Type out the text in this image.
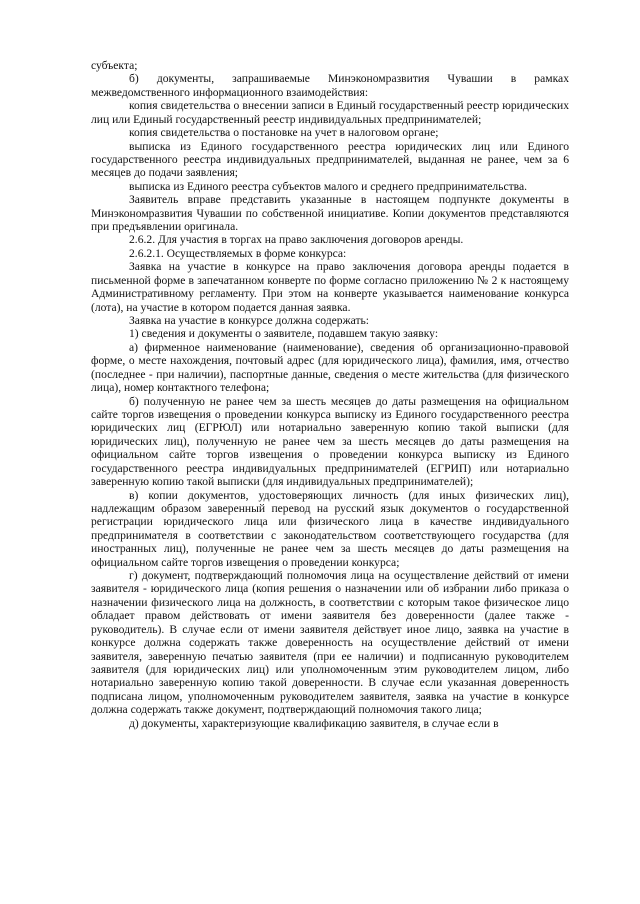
субъекта;

б) документы, запрашиваемые Минэкономразвития Чувашии в рамках межведомственного информационного взаимодействия:

копия свидетельства о внесении записи в Единый государственный реестр юридических лиц или Единый государственный реестр индивидуальных предпринимателей;

копия свидетельства о постановке на учет в налоговом органе;

выписка из Единого государственного реестра юридических лиц или Единого государственного реестра индивидуальных предпринимателей, выданная не ранее, чем за 6 месяцев до подачи заявления;

выписка из Единого реестра субъектов малого и среднего предпринимательства.

Заявитель вправе представить указанные в настоящем подпункте документы в Минэкономразвития Чувашии по собственной инициативе. Копии документов представляются при предъявлении оригинала.

2.6.2. Для участия в торгах на право заключения договоров аренды.

2.6.2.1. Осуществляемых в форме конкурса:

Заявка на участие в конкурсе на право заключения договора аренды подается в письменной форме в запечатанном конверте по форме согласно приложению № 2 к настоящему Административному регламенту. При этом на конверте указывается наименование конкурса (лота), на участие в котором подается данная заявка.

Заявка на участие в конкурсе должна содержать:

1) сведения и документы о заявителе, подавшем такую заявку:

а) фирменное наименование (наименование), сведения об организационно-правовой форме, о месте нахождения, почтовый адрес (для юридического лица), фамилия, имя, отчество (последнее - при наличии), паспортные данные, сведения о месте жительства (для физического лица), номер контактного телефона;

б) полученную не ранее чем за шесть месяцев до даты размещения на официальном сайте торгов извещения о проведении конкурса выписку из Единого государственного реестра юридических лиц (ЕГРЮЛ) или нотариально заверенную копию такой выписки (для юридических лиц), полученную не ранее чем за шесть месяцев до даты размещения на официальном сайте торгов извещения о проведении конкурса выписку из Единого государственного реестра индивидуальных предпринимателей (ЕГРИП) или нотариально заверенную копию такой выписки (для индивидуальных предпринимателей);

в) копии документов, удостоверяющих личность (для иных физических лиц), надлежащим образом заверенный перевод на русский язык документов о государственной регистрации юридического лица или физического лица в качестве индивидуального предпринимателя в соответствии с законодательством соответствующего государства (для иностранных лиц), полученные не ранее чем за шесть месяцев до даты размещения на официальном сайте торгов извещения о проведении конкурса;

г) документ, подтверждающий полномочия лица на осуществление действий от имени заявителя - юридического лица (копия решения о назначении или об избрании либо приказа о назначении физического лица на должность, в соответствии с которым такое физическое лицо обладает правом действовать от имени заявителя без доверенности (далее также - руководитель). В случае если от имени заявителя действует иное лицо, заявка на участие в конкурсе должна содержать также доверенность на осуществление действий от имени заявителя, заверенную печатью заявителя (при ее наличии) и подписанную руководителем заявителя (для юридических лиц) или уполномоченным этим руководителем лицом, либо нотариально заверенную копию такой доверенности. В случае если указанная доверенность подписана лицом, уполномоченным руководителем заявителя, заявка на участие в конкурсе должна содержать также документ, подтверждающий полномочия такого лица;

д) документы, характеризующие квалификацию заявителя, в случае если в
